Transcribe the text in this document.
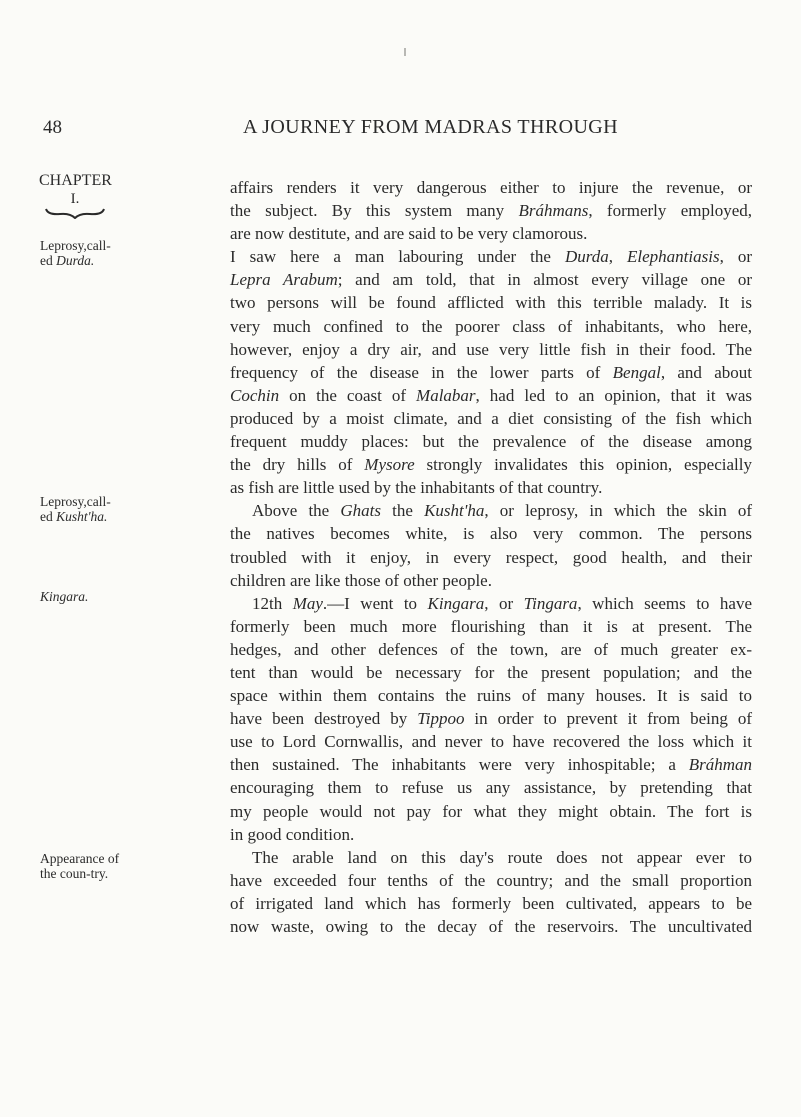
48	A JOURNEY FROM MADRAS THROUGH
CHAPTER
I.
Leprosy,call-ed Durda.
Leprosy,call-ed Kusht'ha.
Kingara.
Appearance of the coun-try.
affairs renders it very dangerous either to injure the revenue, or
the subject. By this system many Bráhmans, formerly employed,
are now destitute, and are said to be very clamorous.
I saw here a man labouring under the Durda, Elephantiasis, or
Lepra Arabum; and am told, that in almost every village one or
two persons will be found afflicted with this terrible malady. It is
very much confined to the poorer class of inhabitants, who here,
however, enjoy a dry air, and use very little fish in their food. The
frequency of the disease in the lower parts of Bengal, and about
Cochin on the coast of Malabar, had led to an opinion, that it was
produced by a moist climate, and a diet consisting of the fish which
frequent muddy places: but the prevalence of the disease among
the dry hills of Mysore strongly invalidates this opinion, especially
as fish are little used by the inhabitants of that country.
Above the Ghats the Kusht'ha, or leprosy, in which the skin of
the natives becomes white, is also very common. The persons
troubled with it enjoy, in every respect, good health, and their
children are like those of other people.
12th May.—I went to Kingara, or Tingara, which seems to have
formerly been much more flourishing than it is at present. The
hedges, and other defences of the town, are of much greater ex-
tent than would be necessary for the present population; and the
space within them contains the ruins of many houses. It is said to
have been destroyed by Tippoo in order to prevent it from being of
use to Lord Cornwallis, and never to have recovered the loss which it
then sustained. The inhabitants were very inhospitable; a Bráhman
encouraging them to refuse us any assistance, by pretending that
my people would not pay for what they might obtain. The fort is
in good condition.
The arable land on this day's route does not appear ever to
have exceeded four tenths of the country; and the small proportion
of irrigated land which has formerly been cultivated, appears to be
now waste, owing to the decay of the reservoirs. The uncultivated
